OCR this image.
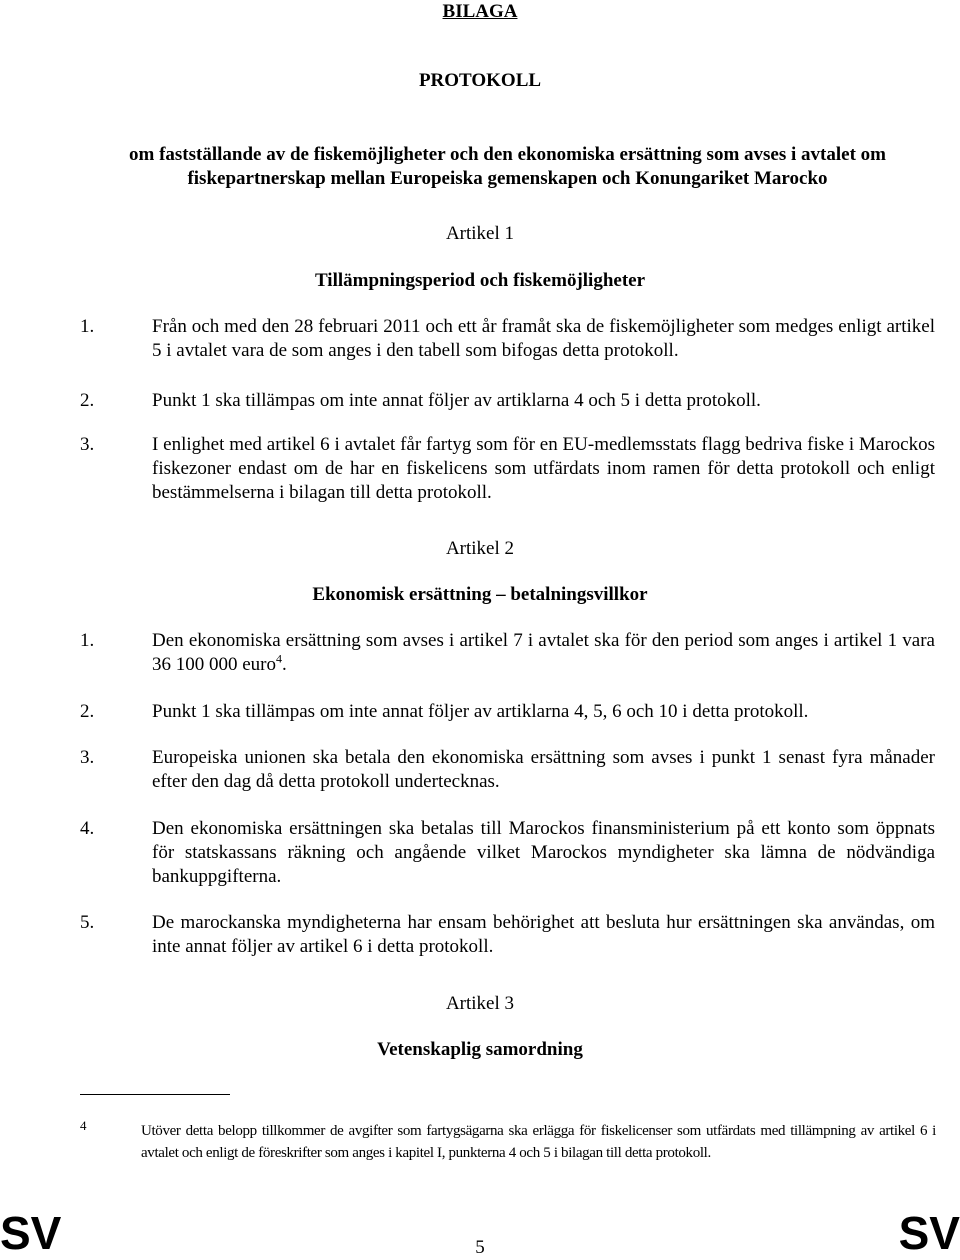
BILAGA
PROTOKOLL
om fastställande av de fiskemöjligheter och den ekonomiska ersättning som avses i avtalet om
fiskepartnerskap mellan Europeiska gemenskapen och Konungariket Marocko
Artikel 1
Tillämpningsperiod och fiskemöjligheter
1.	Från och med den 28 februari 2011 och ett år framåt ska de fiskemöjligheter som medges enligt artikel 5 i avtalet vara de som anges i den tabell som bifogas detta protokoll.
2.	Punkt 1 ska tillämpas om inte annat följer av artiklarna 4 och 5 i detta protokoll.
3.	I enlighet med artikel 6 i avtalet får fartyg som för en EU-medlemsstats flagg bedriva fiske i Marockos fiskezoner endast om de har en fiskelicens som utfärdats inom ramen för detta protokoll och enligt bestämmelserna i bilagan till detta protokoll.
Artikel 2
Ekonomisk ersättning – betalningsvillkor
1.	Den ekonomiska ersättning som avses i artikel 7 i avtalet ska för den period som anges i artikel 1 vara 36 100 000 euro$^4$.
2.	Punkt 1 ska tillämpas om inte annat följer av artiklarna 4, 5, 6 och 10 i detta protokoll.
3.	Europeiska unionen ska betala den ekonomiska ersättning som avses i punkt 1 senast fyra månader efter den dag då detta protokoll undertecknas.
4.	Den ekonomiska ersättningen ska betalas till Marockos finansministerium på ett konto som öppnats för statskassans räkning och angående vilket Marockos myndigheter ska lämna de nödvändiga bankuppgifterna.
5.	De marockanska myndigheterna har ensam behörighet att besluta hur ersättningen ska användas, om inte annat följer av artikel 6 i detta protokoll.
Artikel 3
Vetenskaplig samordning
4	Utöver detta belopp tillkommer de avgifter som fartygsägarna ska erlägga för fiskelicenser som utfärdats med tillämpning av artikel 6 i avtalet och enligt de föreskrifter som anges i kapitel I, punkterna 4 och 5 i bilagan till detta protokoll.
SV	5	SV
